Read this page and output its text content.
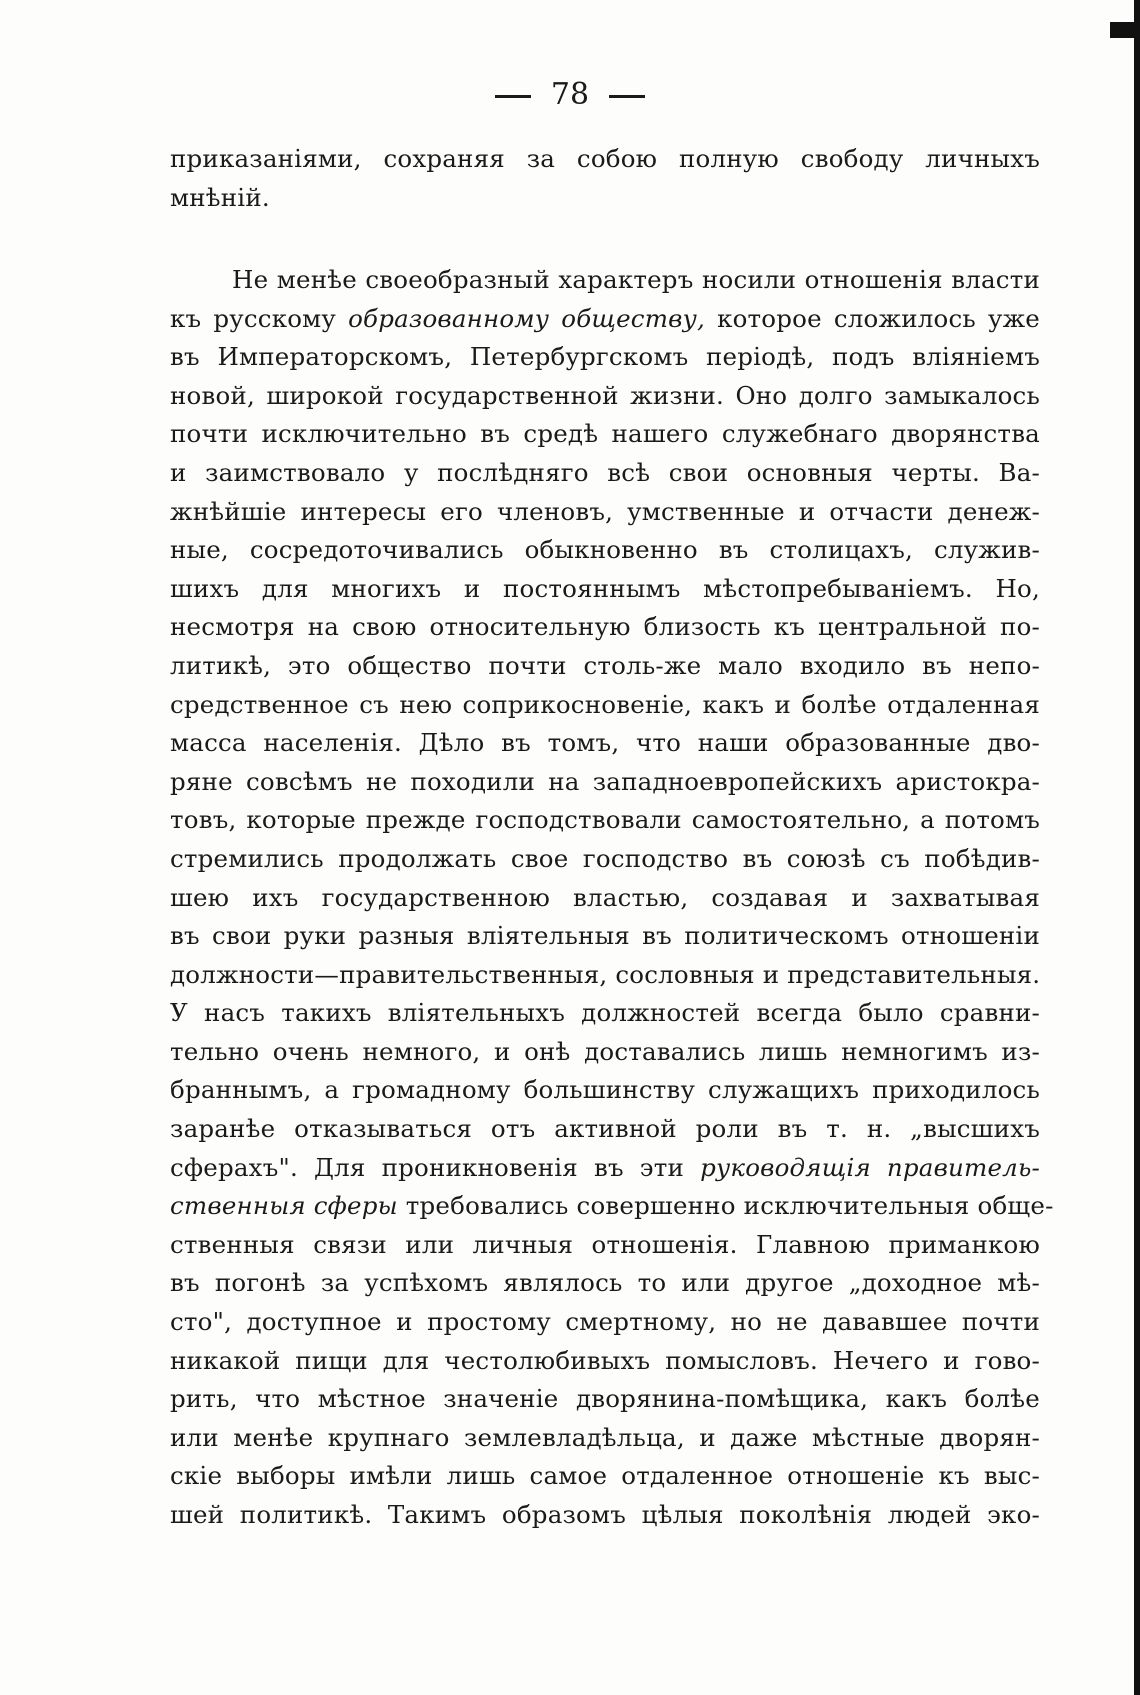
78
приказаніями, сохраняя за собою полную свободу личныхъ
мнѣній.
Не менѣе своеобразный характеръ носили отношенія власти
къ русскому образованному обществу, которое сложилось уже
въ Императорскомъ, Петербургскомъ періодѣ, подъ вліяніемъ
новой, широкой государственной жизни. Оно долго замыкалось
почти исключительно въ средѣ нашего служебнаго дворянства
и заимствовало у послѣдняго всѣ свои основныя черты. Ва-
жнѣйшіе интересы его членовъ, умственные и отчасти денеж-
ные, сосредоточивались обыкновенно въ столицахъ, служив-
шихъ для многихъ и постояннымъ мѣстопребываніемъ. Но,
несмотря на свою относительную близость къ центральной по-
литикѣ, это общество почти столь-же мало входило въ непо-
средственное съ нею соприкосновеніе, какъ и болѣе отдаленная
масса населенія. Дѣло въ томъ, что наши образованные дво-
ряне совсѣмъ не походили на западноевропейскихъ аристокра-
товъ, которые прежде господствовали самостоятельно, а потомъ
стремились продолжать свое господство въ союзѣ съ побѣдив-
шею ихъ государственною властью, создавая и захватывая
въ свои руки разныя вліятельныя въ политическомъ отношеніи
должности—правительственныя, сословныя и представительныя.
У насъ такихъ вліятельныхъ должностей всегда было сравни-
тельно очень немного, и онѣ доставались лишь немногимъ из-
браннымъ, а громадному большинству служащихъ приходилось
заранѣе отказываться отъ активной роли въ т. н. „высшихъ
сферахъ". Для проникновенія въ эти руководящія правитель-
ственныя сферы требовались совершенно исключительныя обще-
ственныя связи или личныя отношенія. Главною приманкою
въ погонѣ за успѣхомъ являлось то или другое „доходное мѣ-
сто", доступное и простому смертному, но не дававшее почти
никакой пищи для честолюбивыхъ помысловъ. Нечего и гово-
рить, что мѣстное значеніе дворянина-помѣщика, какъ болѣе
или менѣе крупнаго землевладѣльца, и даже мѣстные дворян-
скіе выборы имѣли лишь самое отдаленное отношеніе къ выс-
шей политикѣ. Такимъ образомъ цѣлыя поколѣнія людей эко-
